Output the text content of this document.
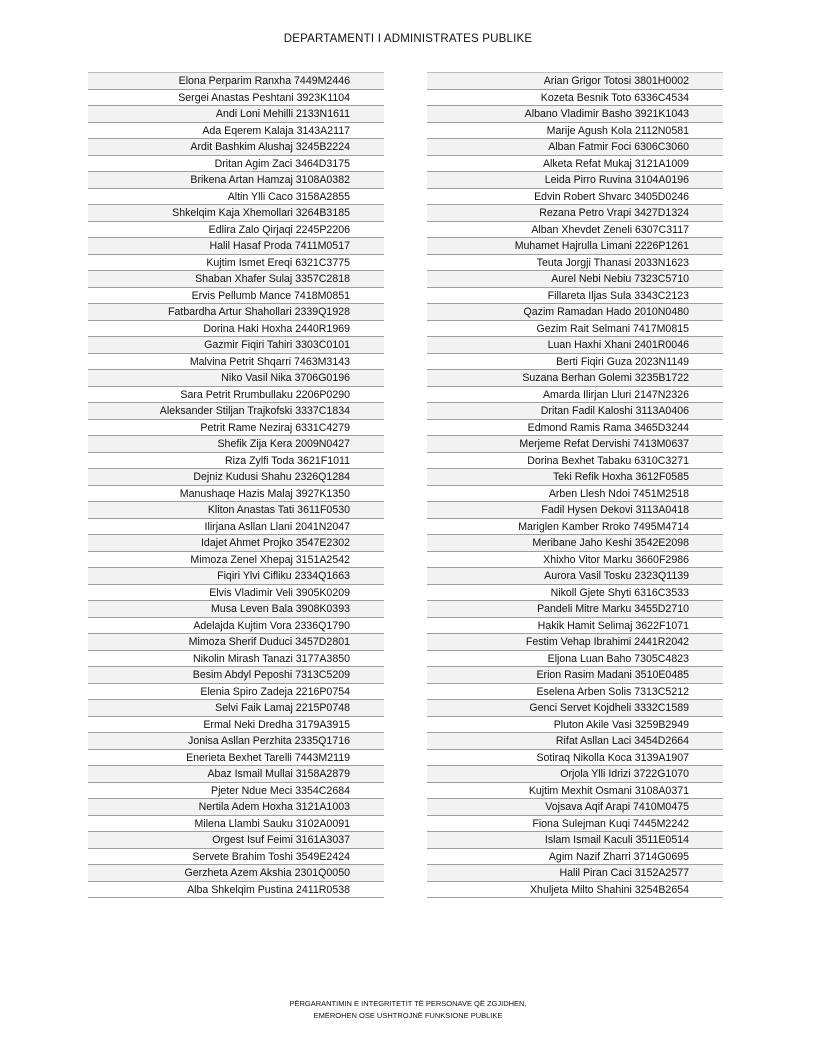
DEPARTAMENTI I ADMINISTRATES PUBLIKE
Elona Perparim Ranxha 7449M2446
Sergei Anastas Peshtani 3923K1104
Andi Loni Mehilli 2133N1611
Ada Eqerem Kalaja 3143A2117
Ardit Bashkim Alushaj 3245B2224
Dritan Agim Zaci 3464D3175
Brikena Artan Hamzaj 3108A0382
Altin Ylli Caco 3158A2855
Shkelqim Kaja Xhemollari 3264B3185
Edlira Zalo Qirjaqi 2245P2206
Halil Hasaf Proda 7411M0517
Kujtim Ismet Ereqi 6321C3775
Shaban Xhafer Sulaj 3357C2818
Ervis Pellumb Mance 7418M0851
Fatbardha Artur Shahollari 2339Q1928
Dorina Haki Hoxha 2440R1969
Gazmir Fiqiri Tahiri 3303C0101
Malvina Petrit Shqarri 7463M3143
Niko Vasil Nika 3706G0196
Sara Petrit Rrumbullaku 2206P0290
Aleksander Stiljan Trajkofski 3337C1834
Petrit Rame Neziraj 6331C4279
Shefik Zija Kera 2009N0427
Riza Zylfi Toda 3621F1011
Dejniz Kudusi Shahu 2326Q1284
Manushaqe Hazis Malaj 3927K1350
Kliton Anastas Tati 3611F0530
Ilirjana Asllan Llani 2041N2047
Idajet Ahmet Projko 3547E2302
Mimoza Zenel Xhepaj 3151A2542
Fiqiri Ylvi Cifliku 2334Q1663
Elvis Vladimir Veli 3905K0209
Musa Leven Bala 3908K0393
Adelajda Kujtim Vora 2336Q1790
Mimoza Sherif Duduci 3457D2801
Nikolin Mirash Tanazi 3177A3850
Besim Abdyl Peposhi 7313C5209
Elenia Spiro Zadeja 2216P0754
Selvi Faik Lamaj 2215P0748
Ermal Neki Dredha 3179A3915
Jonisa Asllan Perzhita 2335Q1716
Enerieta Bexhet Tarelli 7443M2119
Abaz Ismail Mullai 3158A2879
Pjeter Ndue Meci 3354C2684
Nertila Adem Hoxha 3121A1003
Milena Llambi Sauku 3102A0091
Orgest Isuf Feimi 3161A3037
Servete Brahim Toshi 3549E2424
Gerzheta Azem Akshia 2301Q0050
Alba Shkelqim Pustina 2411R0538
Arian Grigor Totosi 3801H0002
Kozeta Besnik Toto 6336C4534
Albano Vladimir Basho 3921K1043
Marije Agush Kola 2112N0581
Alban Fatmir Foci 6306C3060
Alketa Refat Mukaj 3121A1009
Leida Pirro Ruvina 3104A0196
Edvin Robert Shvarc 3405D0246
Rezana Petro Vrapi 3427D1324
Alban Xhevdet Zeneli 6307C3117
Muhamet Hajrulla Limani 2226P1261
Teuta Jorgji Thanasi 2033N1623
Aurel Nebi Nebiu 7323C5710
Fillareta Iljas Sula 3343C2123
Qazim Ramadan Hado 2010N0480
Gezim Rait Selmani 7417M0815
Luan Haxhi Xhani 2401R0046
Berti Fiqiri Guza 2023N1149
Suzana Berhan Golemi 3235B1722
Amarda Ilirjan Lluri 2147N2326
Dritan Fadil Kaloshi 3113A0406
Edmond Ramis Rama 3465D3244
Merjeme Refat Dervishi 7413M0637
Dorina Bexhet Tabaku 6310C3271
Teki Refik Hoxha 3612F0585
Arben Llesh Ndoi 7451M2518
Fadil Hysen Dekovi 3113A0418
Mariglen Kamber Rroko 7495M4714
Meribane Jaho Keshi 3542E2098
Xhixho Vitor Marku 3660F2986
Aurora Vasil Tosku 2323Q1139
Nikoll Gjete Shyti 6316C3533
Pandeli Mitre Marku 3455D2710
Hakik Hamit Selimaj 3622F1071
Festim Vehap Ibrahimi 2441R2042
Eljona Luan Baho 7305C4823
Erion Rasim Madani 3510E0485
Eselena Arben Solis 7313C5212
Genci Servet Kojdheli 3332C1589
Pluton Akile Vasi 3259B2949
Rifat Asllan Laci 3454D2664
Sotiraq Nikolla Koca 3139A1907
Orjola Ylli Idrizi 3722G1070
Kujtim Mexhit Osmani 3108A0371
Vojsava Aqif Arapi 7410M0475
Fiona Sulejman Kuqi 7445M2242
Islam Ismail Kaculi 3511E0514
Agim Nazif Zharri 3714G0695
Halil Piran Caci 3152A2577
Xhuljeta Milto Shahini 3254B2654
PËRGARANTIMIN E INTEGRITETIT TË PERSONAVE QË ZGJIDHEN,
EMËROHEN OSE USHTROJNË FUNKSIONE PUBLIKE
